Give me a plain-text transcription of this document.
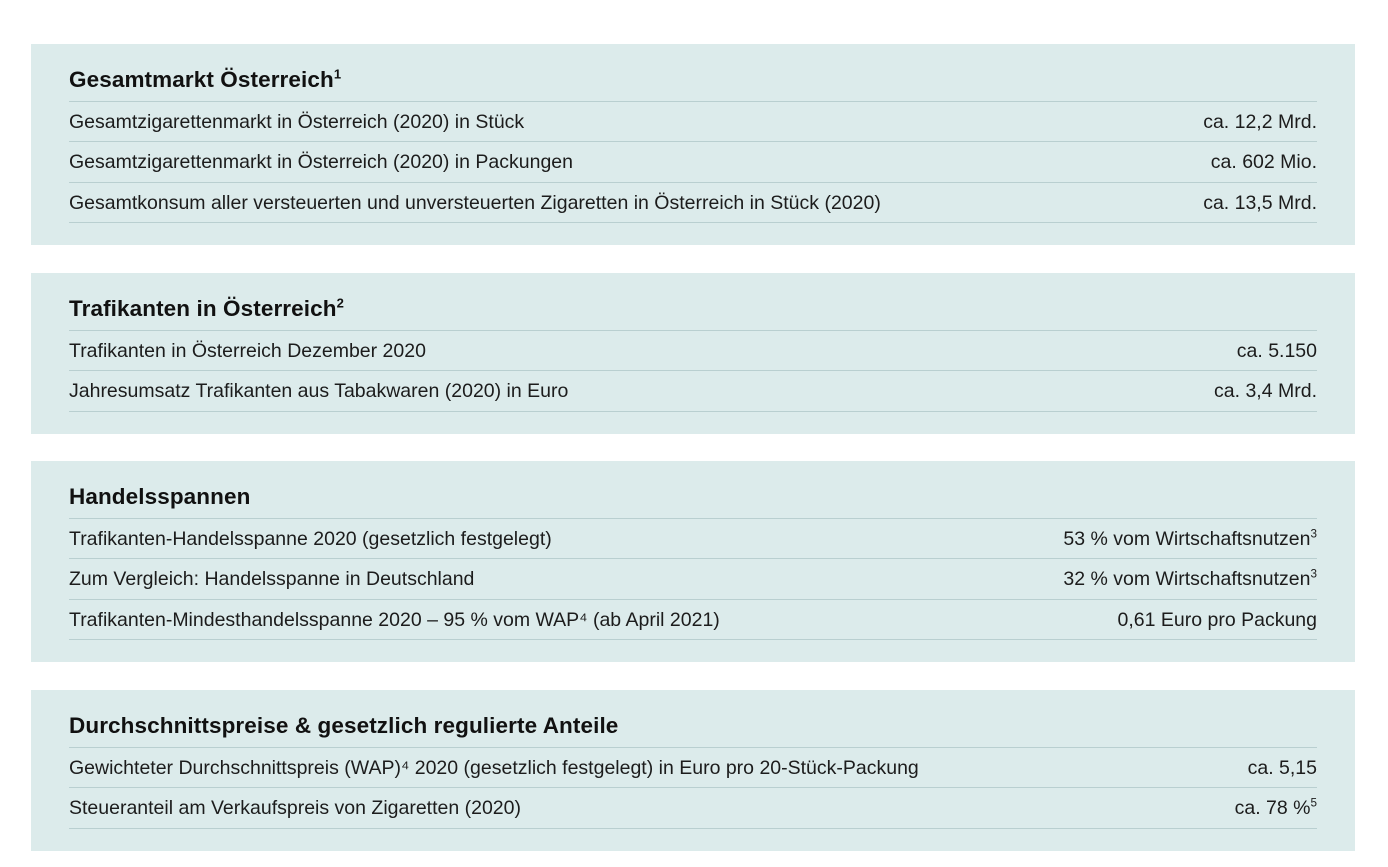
Gesamtmarkt Österreich$^1$
Gesamtzigarettenmarkt in Österreich (2020) in Stück	ca. 12,2 Mrd.
Gesamtzigarettenmarkt in Österreich (2020) in Packungen	ca. 602 Mio.
Gesamtkonsum aller versteuerten und unversteuerten Zigaretten in Österreich in Stück (2020)	ca. 13,5 Mrd.
Trafikanten in Österreich$^2$
Trafikanten in Österreich Dezember 2020	ca. 5.150
Jahresumsatz Trafikanten aus Tabakwaren (2020) in Euro	ca. 3,4 Mrd.
Handelsspannen
Trafikanten-Handelsspanne 2020 (gesetzlich festgelegt)	53 % vom Wirtschaftsnutzen$^3$
Zum Vergleich: Handelsspanne in Deutschland	32 % vom Wirtschaftsnutzen$^3$
Trafikanten-Mindesthandelsspanne 2020 – 95 % vom WAP⁴ (ab April 2021)	0,61 Euro pro Packung
Durchschnittspreise & gesetzlich regulierte Anteile
Gewichteter Durchschnittspreis (WAP)⁴ 2020 (gesetzlich festgelegt) in Euro pro 20-Stück-Packung	ca. 5,15
Steueranteil am Verkaufspreis von Zigaretten (2020)	ca. 78 %$^5$
